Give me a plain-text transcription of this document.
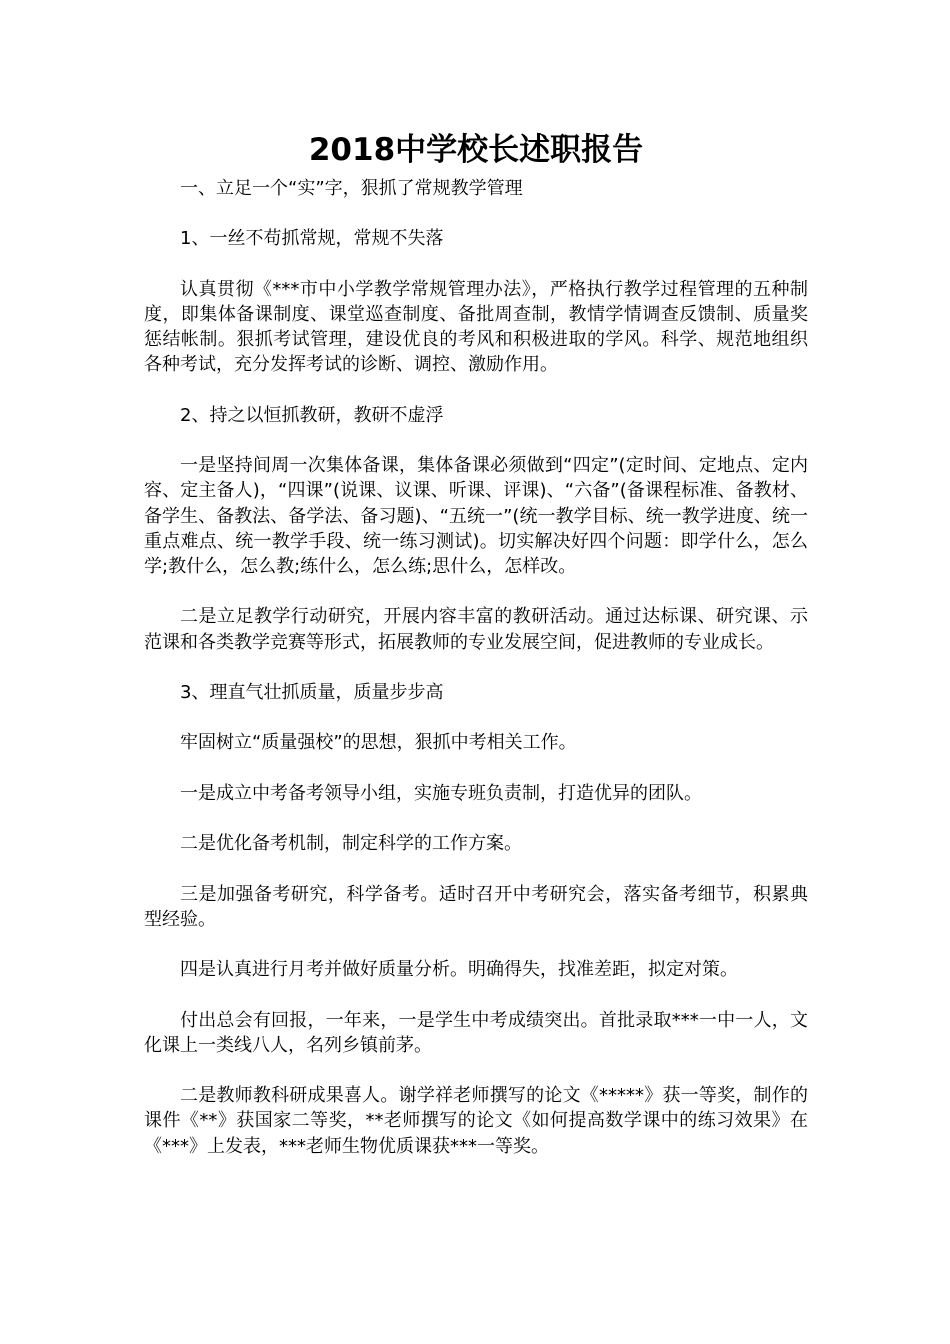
2018中学校长述职报告

一、立足一个“实”字，狠抓了常规教学管理

1、一丝不苟抓常规，常规不失落

认真贯彻《***市中小学教学常规管理办法》，严格执行教学过程管理的五种制度，即集体备课制度、课堂巡查制度、备批周查制，教情学情调查反馈制、质量奖惩结帐制。狠抓考试管理，建设优良的考风和积极进取的学风。科学、规范地组织各种考试，充分发挥考试的诊断、调控、激励作用。

2、持之以恒抓教研，教研不虚浮

一是坚持间周一次集体备课，集体备课必须做到“四定”(定时间、定地点、定内容、定主备人)，“四课”(说课、议课、听课、评课)、“六备”(备课程标准、备教材、备学生、备教法、备学法、备习题)、“五统一”(统一教学目标、统一教学进度、统一重点难点、统一教学手段、统一练习测试)。切实解决好四个问题：即学什么，怎么学;教什么，怎么教;练什么，怎么练;思什么，怎样改。

二是立足教学行动研究，开展内容丰富的教研活动。通过达标课、研究课、示范课和各类教学竞赛等形式，拓展教师的专业发展空间，促进教师的专业成长。

3、理直气壮抓质量，质量步步高

牢固树立“质量强校”的思想，狠抓中考相关工作。

一是成立中考备考领导小组，实施专班负责制，打造优异的团队。

二是优化备考机制，制定科学的工作方案。

三是加强备考研究，科学备考。适时召开中考研究会，落实备考细节，积累典型经验。

四是认真进行月考并做好质量分析。明确得失，找准差距，拟定对策。

付出总会有回报，一年来，一是学生中考成绩突出。首批录取***一中一人，文化课上一类线八人，名列乡镇前茅。

二是教师教科研成果喜人。谢学祥老师撰写的论文《*****》获一等奖，制作的课件《**》获国家二等奖，**老师撰写的论文《如何提高数学课中的练习效果》在《***》上发表，***老师生物优质课获***一等奖。
